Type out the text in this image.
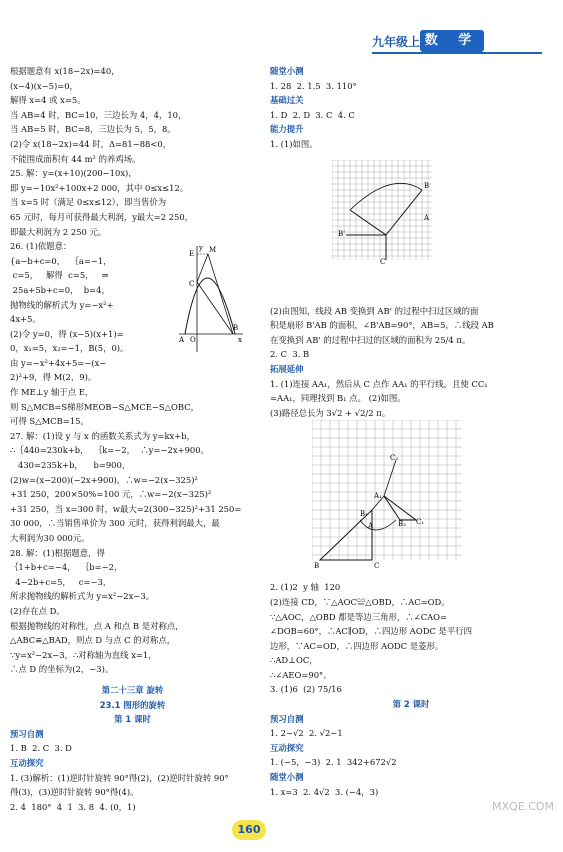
九年级上 数 学
根据题意有 x(18−2x)=40，
(x−4)(x−5)=0，
解得 x=4 或 x=5。
当 AB=4 时，BC=10，三边长为 4，4，10，
当 AB=5 时，BC=8，三边长为 5，5，8。
(2)令 x(18−2x)=44 时，Δ=81−88<0，
不能围成面积有 44 m² 的养鸡场。
25. 解：y=(x+10)(200−10x)，
即 y=−10x²+100x+2 000，其中 0≤x≤12。
当 x=5 时（满足 0≤x≤12），即当售价为
65 元时，每月可获得最大利润，y最大=2 250，
即最大利润为 2 250 元。
26. (1)依题意：
{a−b+c=0，  ｛a=−1，
c=5，   解得  c=5，   ⇒
25a+5b+c=0，  b=4，
抛物线的解析式为 y=−x²+
4x+5。
(2)令 y=0，得 (x−5)(x+1)=
0，x₁=5，x₂=−1，B(5，0)。
由 y=−x²+4x+5=−(x−
2)²+9，得 M(2，9)。
作 ME⊥y 轴于点 E，
则 S△MCB=S梯形MEOB−S△MCE−S△OBC，
可得 S△MCB=15。
27. 解：(1)设 y 与 x 的函数关系式为 y=kx+b，
∴｛440=230k+b，  ｛k=−2，  ∴y=−2x+900。
430=235k+b，    b=900，
(2)w=(x−200)(−2x+900)，∴w=−2(x−325)²
+31 250，200×50%=100 元，∴w=−2(x−325)²
+31 250，当 x=300 时，w最大=2(300−325)²+31 250=
30 000，∴当销售单价为 300 元时，获得利润最大，最
大利润为30 000元。
28. 解：(1)根据题意，得
｛1+b+c=−4，  ｛b=−2，
4−2b+c=5，   c=−3，
所求抛物线的解析式为 y=x²−2x−3。
(2)存在点 D。
根据抛物线的对称性，点 A 和点 B 是对称点，
△ABC≌△BAD，则点 D 与点 C 的对称点，
∵y=x²−2x−3，∴对称轴为直线 x=1，
∴点 D 的坐标为(2，−3)。
第二十三章 旋转
23.1 图形的旋转
第 1 课时
预习自测
1. B  2. C  3. D
互动探究
1. (3)解析：(1)逆时针旋转 90°得(2)，(2)逆时针旋转 90°
得(3)，(3)逆时针旋转 90°得(4)。
2. 4  180°  4  1  3. 8  4. (0，1)
随堂小测
1. 28  2. 1.5  3. 110°
基础过关
1. D  2. D  3. C  4. C
能力提升
1. (1)如图。
(2)由图知，线段 AB 变换到 AB' 的过程中扫过区域的面
积是扇形 B'AB 的面积，∠B'AB=90°，AB=5，∴线段 AB
在变换到 AB' 的过程中扫过的区域的面积为 25/4 π。
2. C  3. B
拓展延伸
1. (1)连接 AA₁，然后从 C 点作 AA₁ 的平行线，且使 CC₁
=AA₁，同理找到 B₁ 点。 (2)如图。
(3)路径总长为 3√2 + √2/2 π。
2. (1)2  y 轴  120
(2)连接 CD，∵△AOC≌△OBD，∴AC=OD。
∵△AOC，△OBD 都是等边三角形，∴∠CAO=
∠DOB=60°，∴AC∥OD，∴四边形 AODC 是平行四
边形，∵AC=OD，∴四边形 AODC 是菱形。
∴AD⊥OC，
∴∠AEO=90°。
3. (1)6  (2) 75/16
第 2 课时
预习自测
1. 2−√2  2. √2−1
互动探究
1. (−5，−3)  2. 1  342+672√2
随堂小测
1. x=3  2. 4√2  3. (−4，3)
y
x
E M
C
A O
B
B
A
C
B'
C₂
A₁
B₂ C₁
B₁
A
B	C
160
MXQE.COM
